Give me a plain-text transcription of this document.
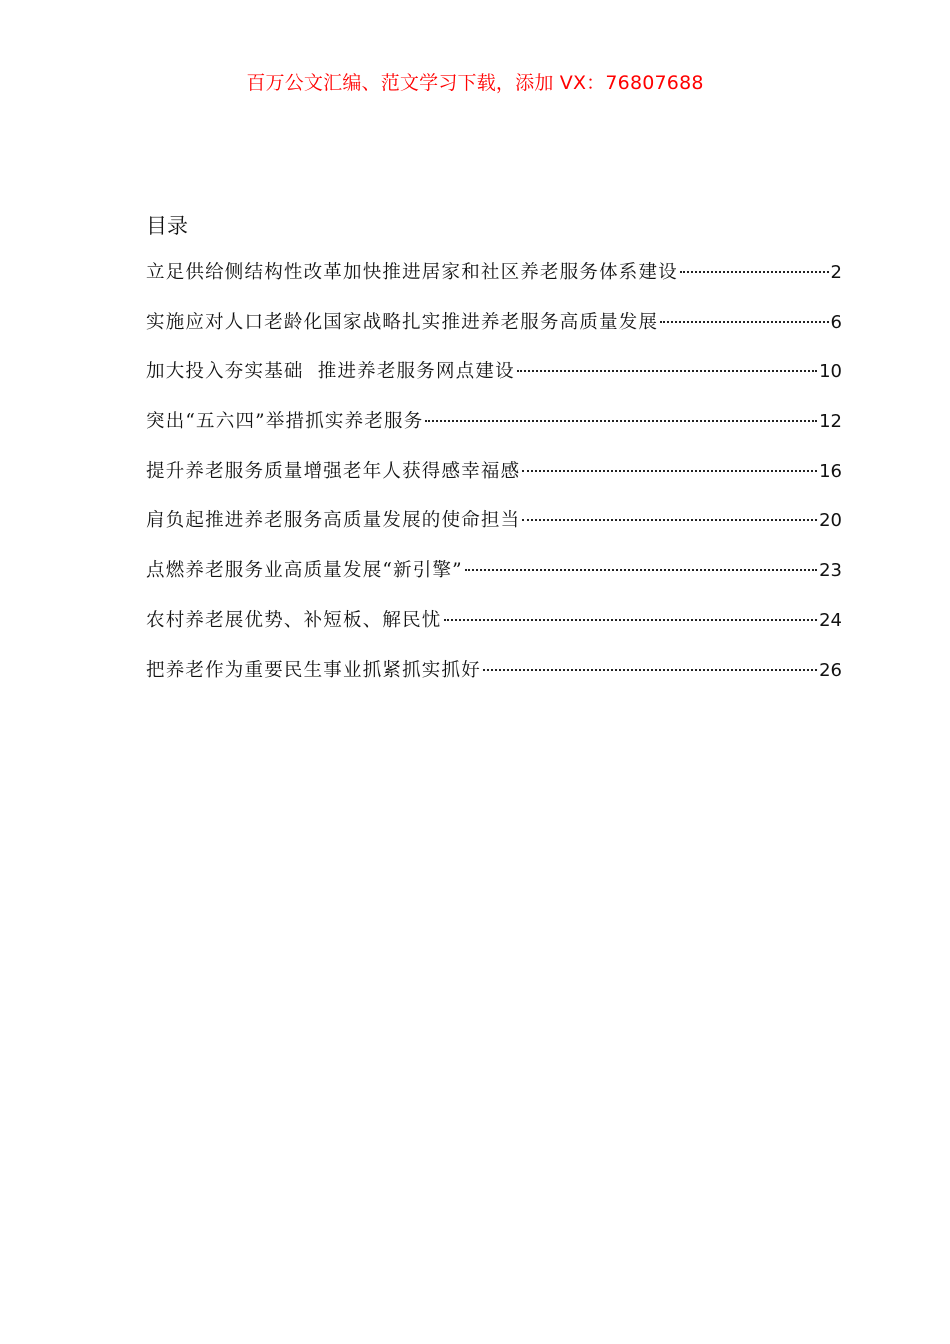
百万公文汇编、范文学习下载，添加 VX：76807688
目录
立足供给侧结构性改革加快推进居家和社区养老服务体系建设	2
实施应对人口老龄化国家战略扎实推进养老服务高质量发展	6
加大投入夯实基础  推进养老服务网点建设	10
突出“五六四”举措抓实养老服务	12
提升养老服务质量增强老年人获得感幸福感	16
肩负起推进养老服务高质量发展的使命担当	20
点燃养老服务业高质量发展“新引擎”	23
农村养老展优势、补短板、解民忧	24
把养老作为重要民生事业抓紧抓实抓好	26
